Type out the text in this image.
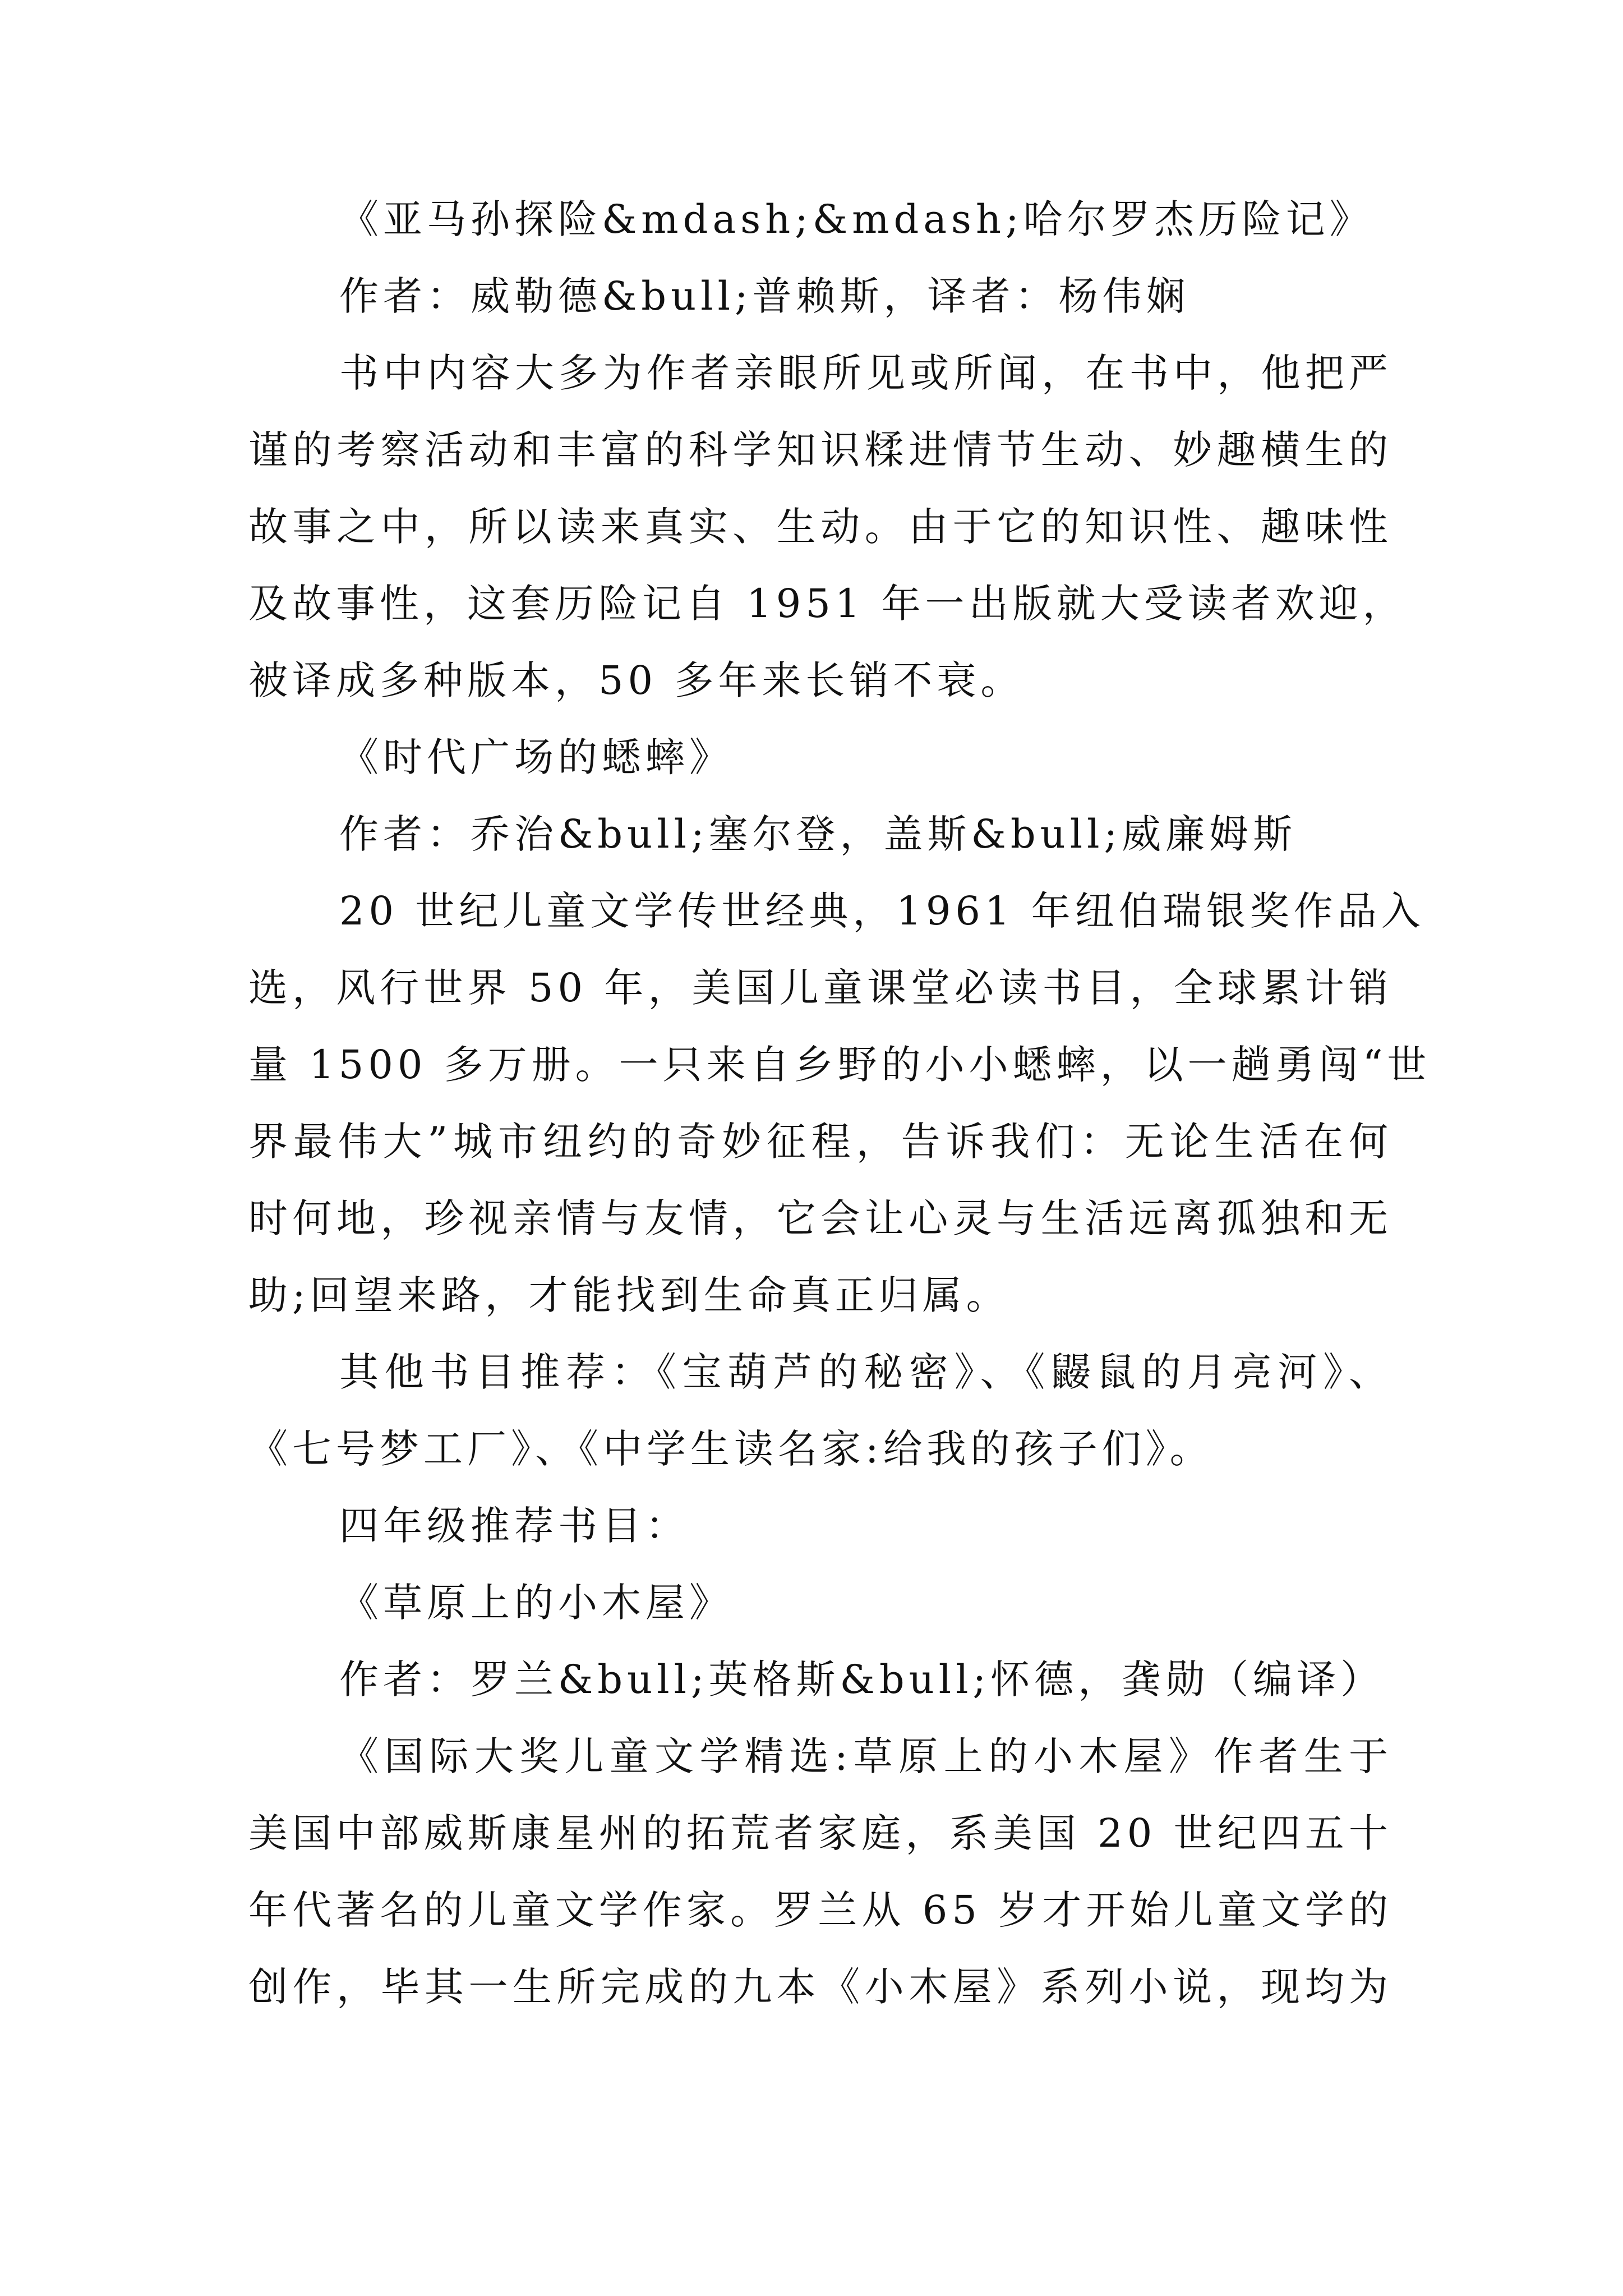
《亚马孙探险&mdash;&mdash;哈尔罗杰历险记》
作者：威勒德&bull;普赖斯，译者：杨伟娴
书中内容大多为作者亲眼所见或所闻，在书中，他把严
谨的考察活动和丰富的科学知识糅进情节生动、妙趣横生的
故事之中，所以读来真实、生动。由于它的知识性、趣味性
及故事性，这套历险记自 1951 年一出版就大受读者欢迎，
被译成多种版本，50 多年来长销不衰。
《时代广场的蟋蟀》
作者：乔治&bull;塞尔登，盖斯&bull;威廉姆斯
20 世纪儿童文学传世经典，1961 年纽伯瑞银奖作品入
选，风行世界 50 年，美国儿童课堂必读书目，全球累计销
量 1500 多万册。一只来自乡野的小小蟋蟀，以一趟勇闯“世
界最伟大”城市纽约的奇妙征程，告诉我们：无论生活在何
时何地，珍视亲情与友情，它会让心灵与生活远离孤独和无
助;回望来路，才能找到生命真正归属。
其他书目推荐：《宝葫芦的秘密》、《鼹鼠的月亮河》、
《七号梦工厂》、《中学生读名家:给我的孩子们》。
四年级推荐书目：
《草原上的小木屋》
作者：罗兰&bull;英格斯&bull;怀德，龚勋（编译）
《国际大奖儿童文学精选:草原上的小木屋》作者生于
美国中部威斯康星州的拓荒者家庭，系美国 20 世纪四五十
年代著名的儿童文学作家。罗兰从 65 岁才开始儿童文学的
创作，毕其一生所完成的九本《小木屋》系列小说，现均为
